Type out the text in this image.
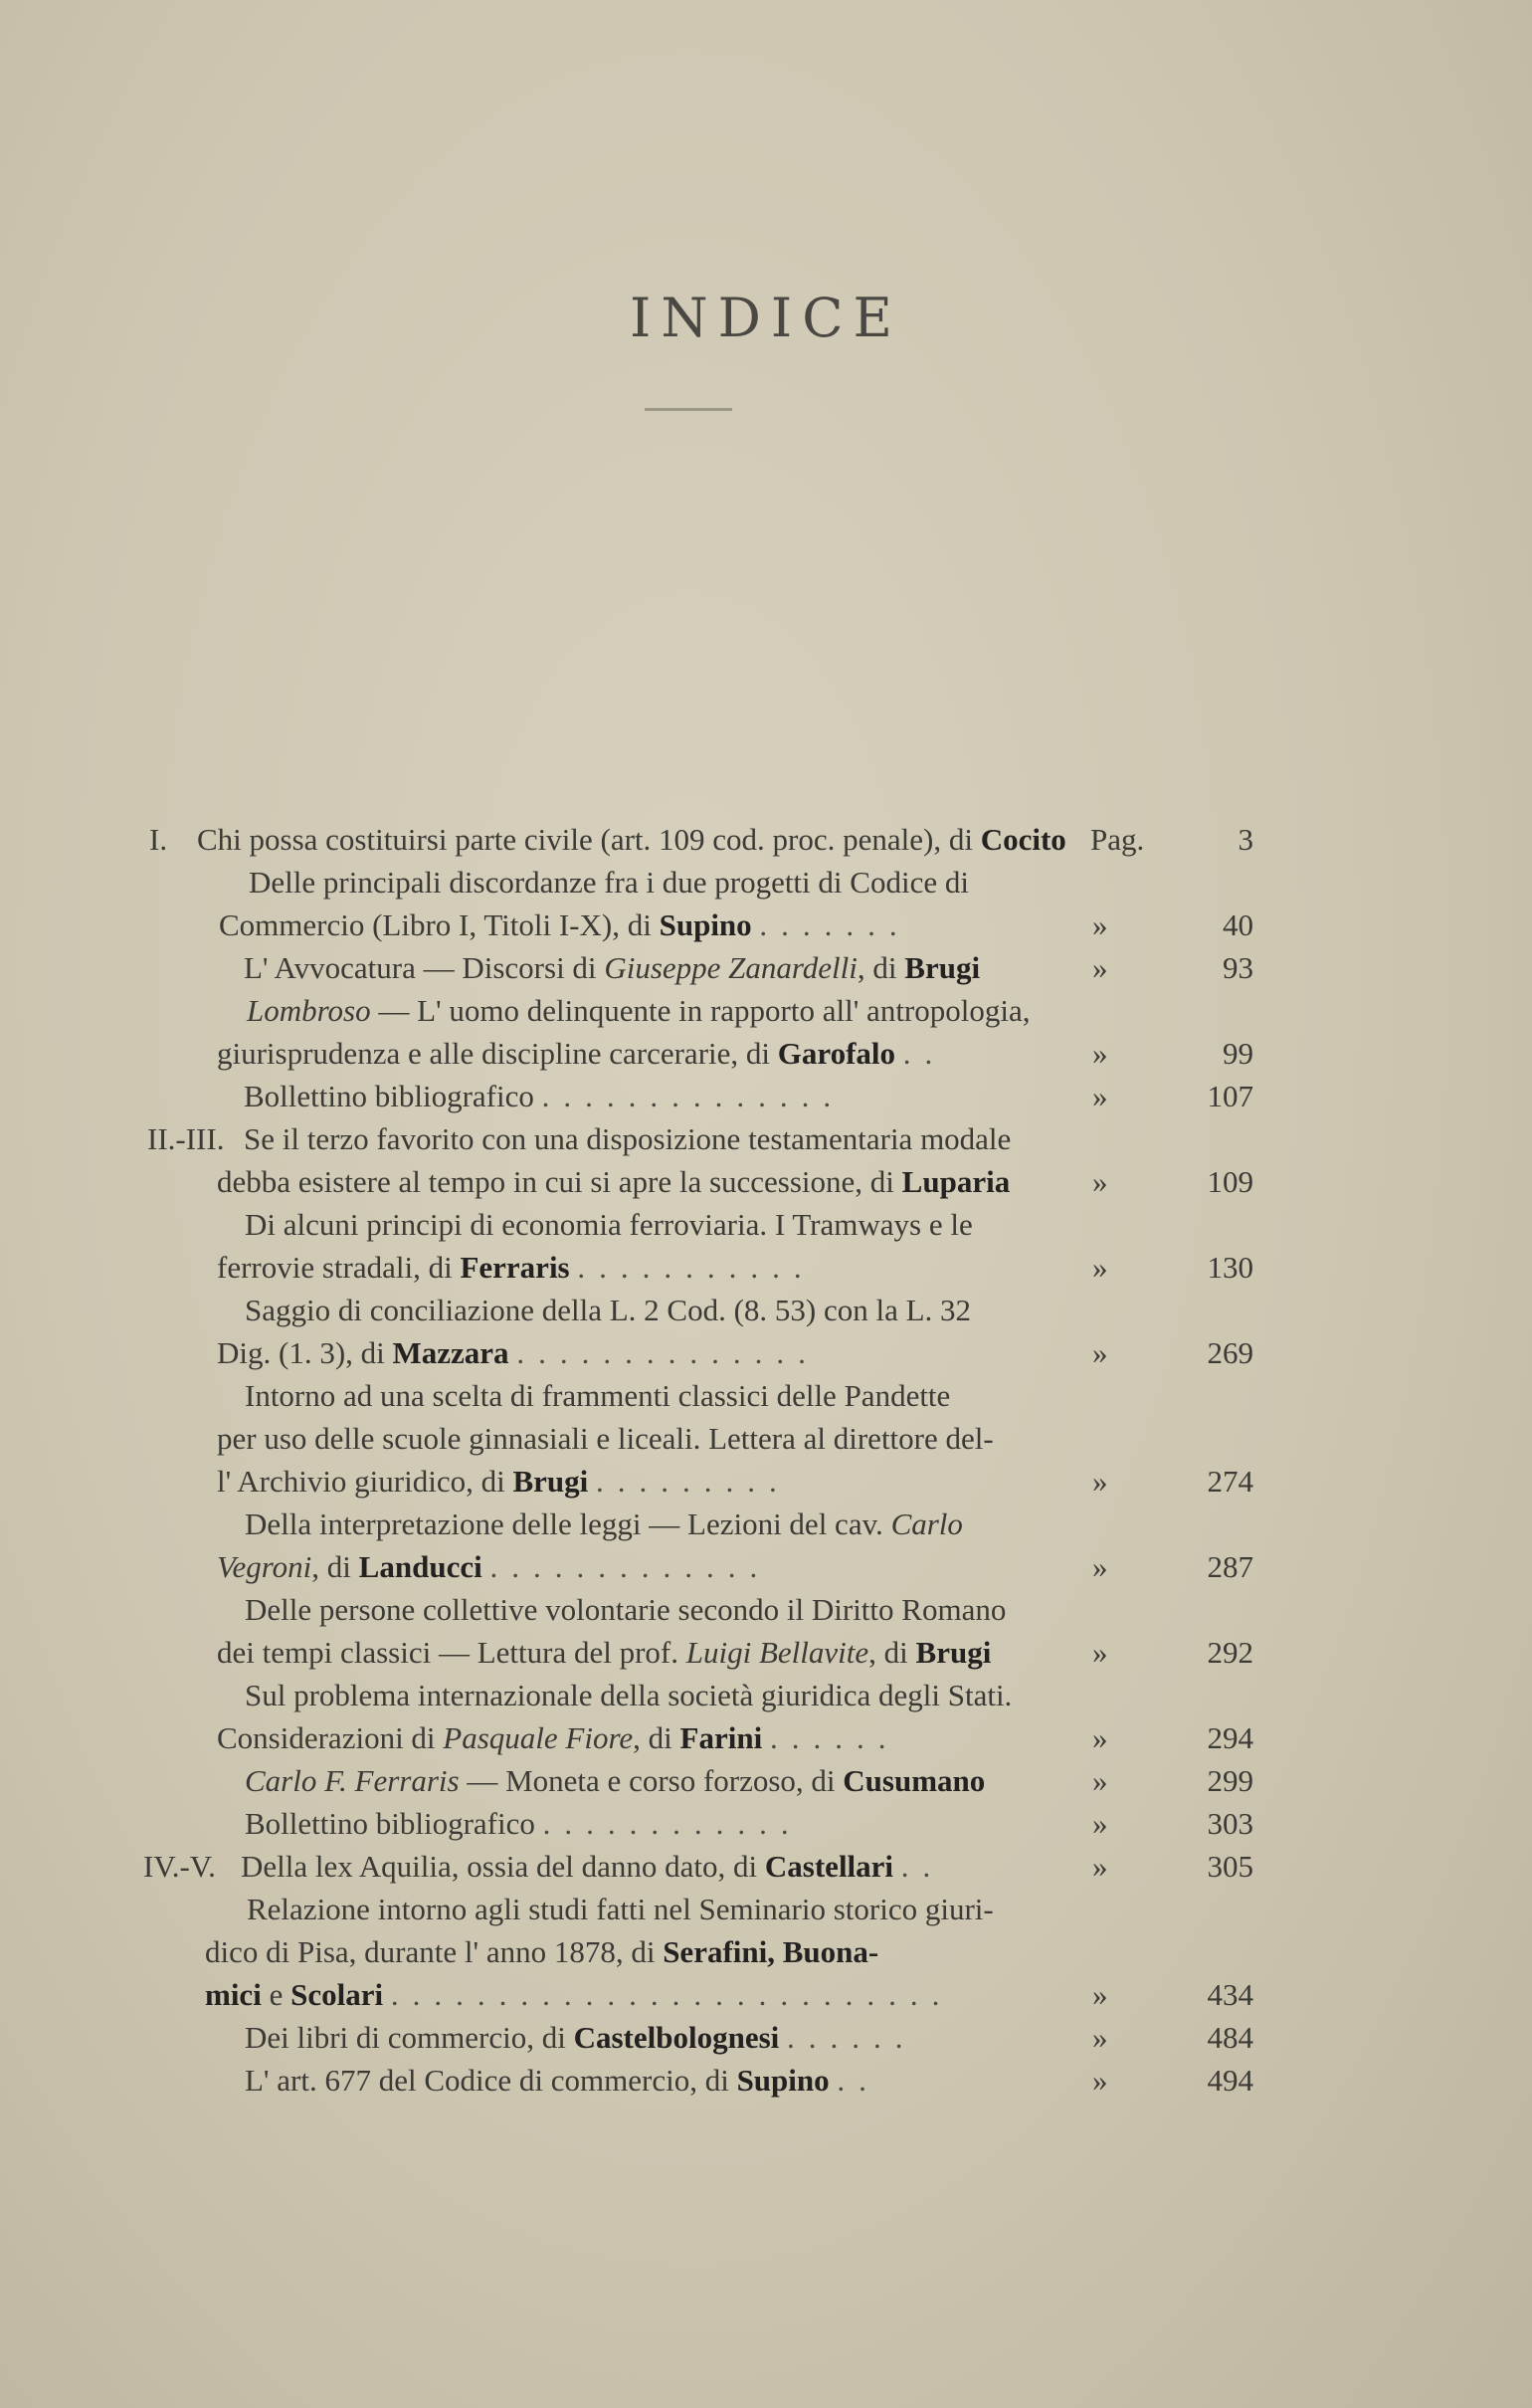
INDICE
I. Chi possa costituirsi parte civile (art. 109 cod. proc. penale), di Cocito Pag.	3
Delle principali discordanze fra i due progetti di Codice di
Commercio (Libro I, Titoli I-X), di Supino .......	»	40
L' Avvocatura — Discorsi di Giuseppe Zanardelli, di Brugi	»	93
Lombroso — L' uomo delinquente in rapporto all' antropologia,
giurisprudenza e alle discipline carcerarie, di Garofalo ..	»	99
Bollettino bibliografico ..............	»	107
II.-III. Se il terzo favorito con una disposizione testamentaria modale
debba esistere al tempo in cui si apre la successione, di Luparia	»	109
Di alcuni principi di economia ferroviaria. I Tramways e le
ferrovie stradali, di Ferraris ...........	»	130
Saggio di conciliazione della L. 2 Cod. (8. 53) con la L. 32
Dig. (1. 3), di Mazzara ..............	»	269
Intorno ad una scelta di frammenti classici delle Pandette
per uso delle scuole ginnasiali e liceali. Lettera al direttore del-
l' Archivio giuridico, di Brugi .........	»	274
Della interpretazione delle leggi — Lezioni del cav. Carlo
Vegroni, di Landucci .............	»	287
Delle persone collettive volontarie secondo il Diritto Romano
dei tempi classici — Lettura del prof. Luigi Bellavite, di Brugi	»	292
Sul problema internazionale della società giuridica degli Stati.
Considerazioni di Pasquale Fiore, di Farini ......	»	294
Carlo F. Ferraris — Moneta e corso forzoso, di Cusumano	»	299
Bollettino bibliografico ............	»	303
IV.-V. Della lex Aquilia, ossia del danno dato, di Castellari ..	»	305
Relazione intorno agli studi fatti nel Seminario storico giuri-
dico di Pisa, durante l' anno 1878, di Serafini, Buona-
mici e Scolari ..........................	»	434
Dei libri di commercio, di Castelbolognesi ......	»	484
L' art. 677 del Codice di commercio, di Supino ..	»	494
